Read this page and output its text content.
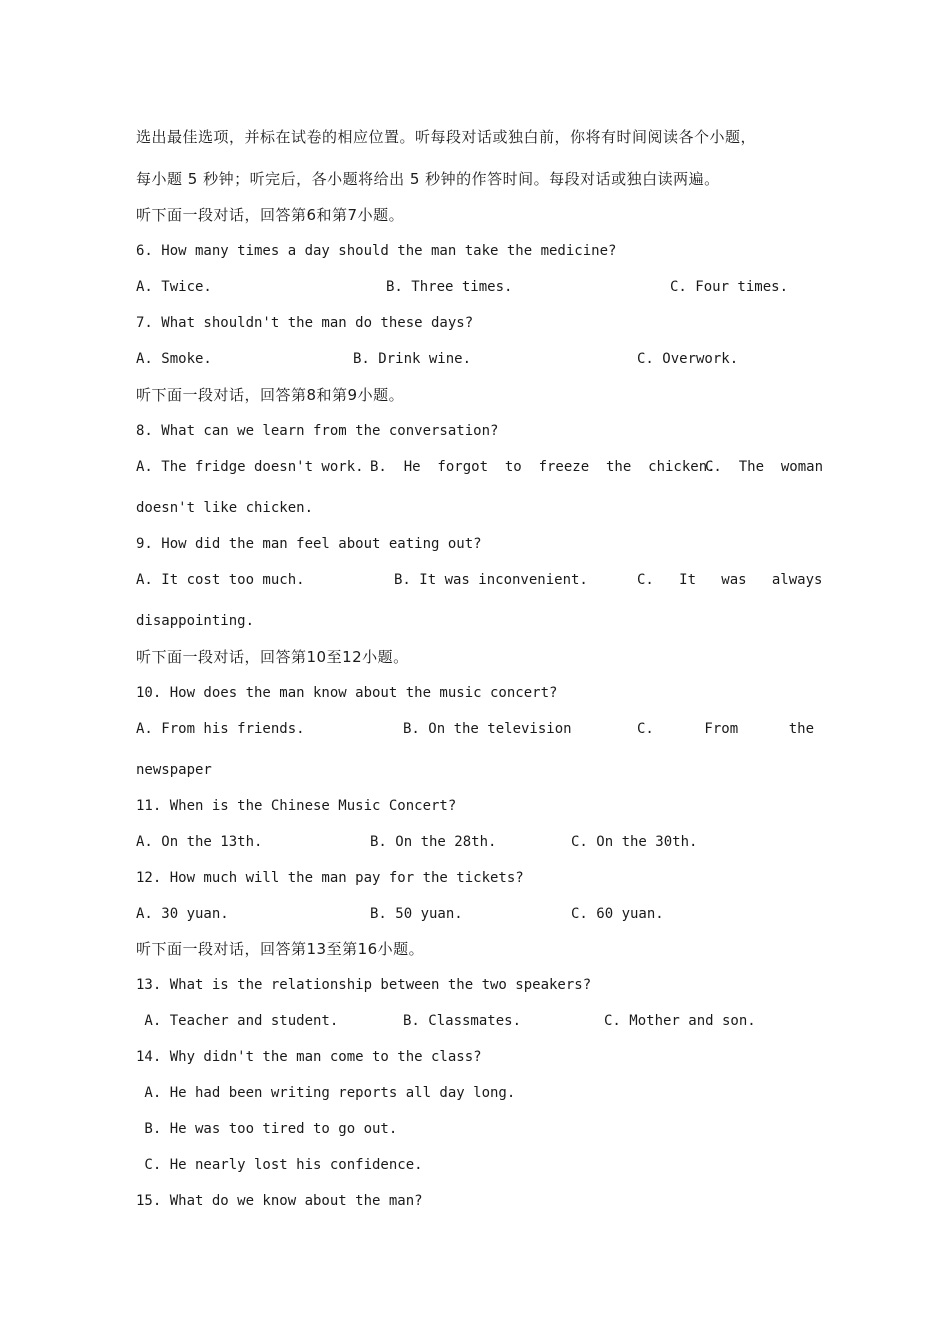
选出最佳选项，并标在试卷的相应位置。听每段对话或独白前，你将有时间阅读各个小题，
每小题 5 秒钟；听完后，各小题将给出 5 秒钟的作答时间。每段对话或独白读两遍。
听下面一段对话，回答第6和第7小题。
6. How many times a day should the man take the medicine?
A. Twice.	B. Three times.	C. Four times.
7. What shouldn't the man do these days?
A. Smoke.	B. Drink wine.	C. Overwork.
听下面一段对话，回答第8和第9小题。
8. What can we learn from the conversation?
A. The fridge doesn't work. B.  He  forgot  to  freeze  the  chicken.
C.  The  woman
doesn't like chicken.
9. How did the man feel about eating out?
A. It cost too much.	B. It was inconvenient.	C.   It   was   always
disappointing.
听下面一段对话，回答第10至12小题。
10. How does the man know about the music concert?
A. From his friends.	B. On the television	C.      From      the
newspaper
11. When is the Chinese Music Concert?
A. On the 13th.	B. On the 28th.	C. On the 30th.
12. How much will the man pay for the tickets?
A. 30 yuan.	B. 50 yuan.	C. 60 yuan.
听下面一段对话，回答第13至第16小题。
13. What is the relationship between the two speakers?
A. Teacher and student.	B. Classmates.	C. Mother and son.
14. Why didn't the man come to the class?
A. He had been writing reports all day long.
B. He was too tired to go out.
C. He nearly lost his confidence.
15. What do we know about the man?
